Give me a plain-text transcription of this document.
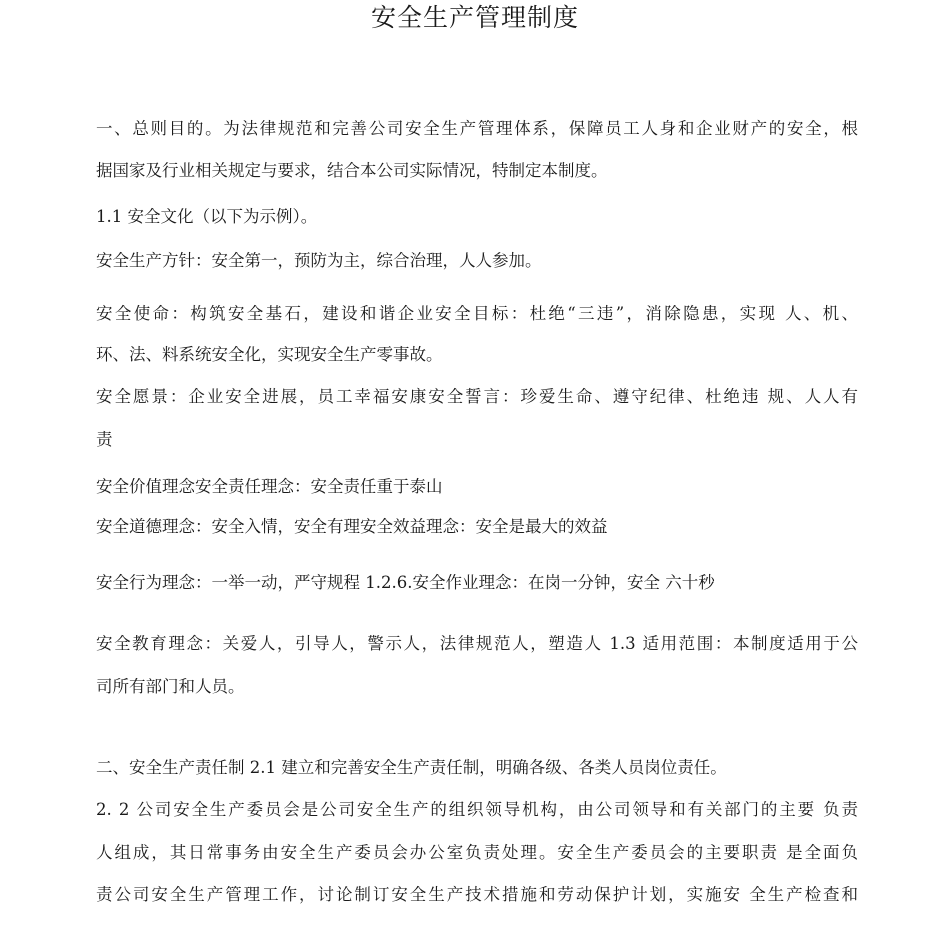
安全生产管理制度
一、总则目的。为法律规范和完善公司安全生产管理体系，保障员工人身和企业财产的安全，根
据国家及行业相关规定与要求，结合本公司实际情况，特制定本制度。
1.1 安全文化（以下为示例）。
安全生产方针：安全第一，预防为主，综合治理，人人参加。
安全使命：构筑安全基石，建设和谐企业安全目标：杜绝“三违”，消除隐患，实现 人、机、
环、法、料系统安全化，实现安全生产零事故。
安全愿景：企业安全进展，员工幸福安康安全誓言：珍爱生命、遵守纪律、杜绝违 规、人人有
责
安全价值理念安全责任理念：安全责任重于泰山
安全道德理念：安全入情，安全有理安全效益理念：安全是最大的效益
安全行为理念：一举一动，严守规程 1.2.6.安全作业理念：在岗一分钟，安全 六十秒
安全教育理念：关爱人，引导人，警示人，法律规范人，塑造人 1.3 适用范围：本制度适用于公
司所有部门和人员。
二、安全生产责任制 2.1 建立和完善安全生产责任制，明确各级、各类人员岗位责任。
2. 2 公司安全生产委员会是公司安全生产的组织领导机构，由公司领导和有关部门的主要 负责
人组成，其日常事务由安全生产委员会办公室负责处理。安全生产委员会的主要职责 是全面负
责公司安全生产管理工作，讨论制订安全生产技术措施和劳动保护计划，实施安 全生产检查和
